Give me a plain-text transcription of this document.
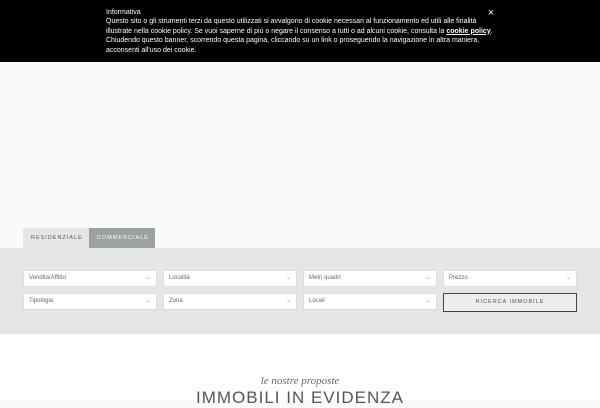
Informativa
Questo sito o gli strumenti terzi da questo utilizzati si avvalgono di cookie necessari al funzionamento ed utili alle finalità illustrate nella cookie policy. Se vuoi saperne di più o negare il consenso a tutti o ad alcuni cookie, consulta la cookie policy. Chiudendo questo banner, scorrendo questa pagina, cliccando su un link o proseguendo la navigazione in altra maniera, acconsenti all'uso dei cookie.
×
RESIDENZIALE	COMMERCIALE
Vendita/Affitto	⌄	Località	⌄	Metri quadri	⌄	Prezzo	⌄
Tipologia	⌄	Zona	⌄	Locali	⌄	RICERCA IMMOBILE
le nostre proposte
IMMOBILI IN EVIDENZA
